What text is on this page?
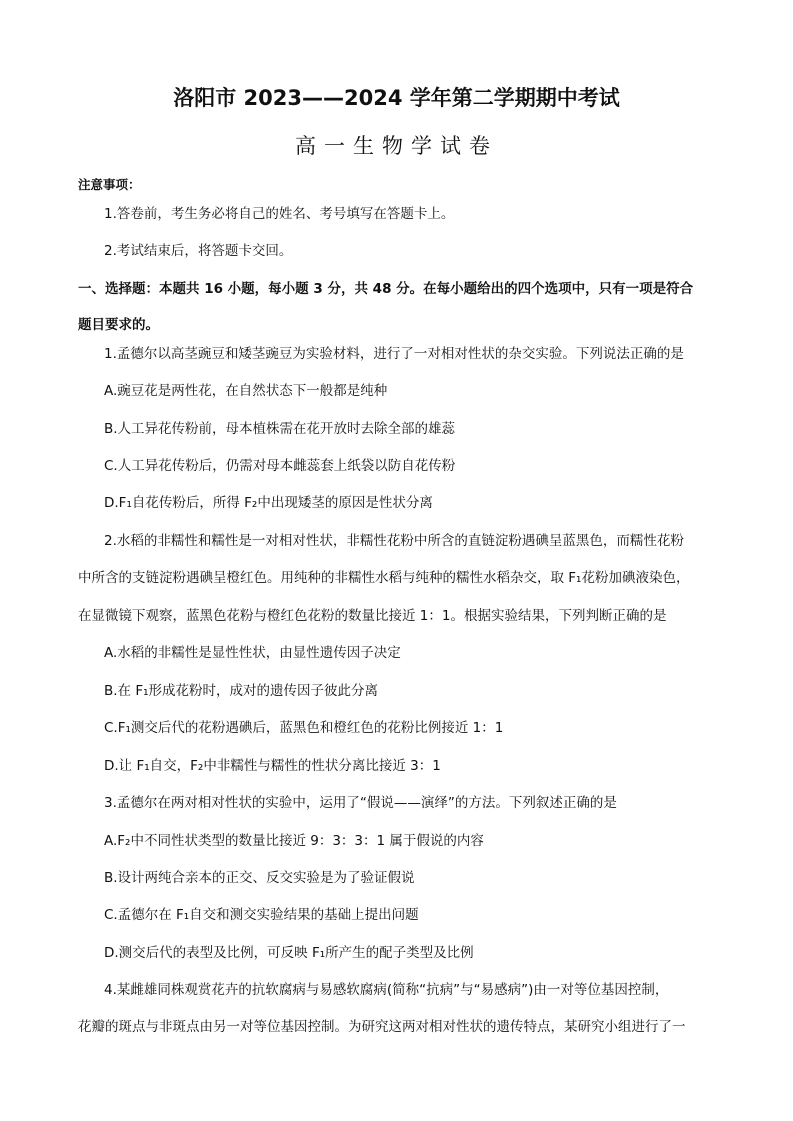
洛阳市 2023——2024 学年第二学期期中考试
高一生物学试卷
注意事项：
1.答卷前，考生务必将自己的姓名、考号填写在答题卡上。
2.考试结束后，将答题卡交回。
一、选择题：本题共 16 小题，每小题 3 分，共 48 分。在每小题给出的四个选项中，只有一项是符合
题目要求的。
1.孟德尔以高茎豌豆和矮茎豌豆为实验材料，进行了一对相对性状的杂交实验。下列说法正确的是
A.豌豆花是两性花，在自然状态下一般都是纯种
B.人工异花传粉前，母本植株需在花开放时去除全部的雄蕊
C.人工异花传粉后，仍需对母本雌蕊套上纸袋以防自花传粉
D.F₁自花传粉后，所得 F₂中出现矮茎的原因是性状分离
2.水稻的非糯性和糯性是一对相对性状，非糯性花粉中所含的直链淀粉遇碘呈蓝黑色，而糯性花粉
中所含的支链淀粉遇碘呈橙红色。用纯种的非糯性水稻与纯种的糯性水稻杂交，取 F₁花粉加碘液染色，
在显微镜下观察，蓝黑色花粉与橙红色花粉的数量比接近 1：1。根据实验结果，下列判断正确的是
A.水稻的非糯性是显性性状，由显性遗传因子决定
B.在 F₁形成花粉时，成对的遗传因子彼此分离
C.F₁测交后代的花粉遇碘后，蓝黑色和橙红色的花粉比例接近 1：1
D.让 F₁自交，F₂中非糯性与糯性的性状分离比接近 3：1
3.孟德尔在两对相对性状的实验中，运用了“假说——演绎”的方法。下列叙述正确的是
A.F₂中不同性状类型的数量比接近 9：3：3：1 属于假说的内容
B.设计两纯合亲本的正交、反交实验是为了验证假说
C.孟德尔在 F₁自交和测交实验结果的基础上提出问题
D.测交后代的表型及比例，可反映 F₁所产生的配子类型及比例
4.某雌雄同株观赏花卉的抗软腐病与易感软腐病(简称“抗病”与“易感病”)由一对等位基因控制，
花瓣的斑点与非斑点由另一对等位基因控制。为研究这两对相对性状的遗传特点，某研究小组进行了一
